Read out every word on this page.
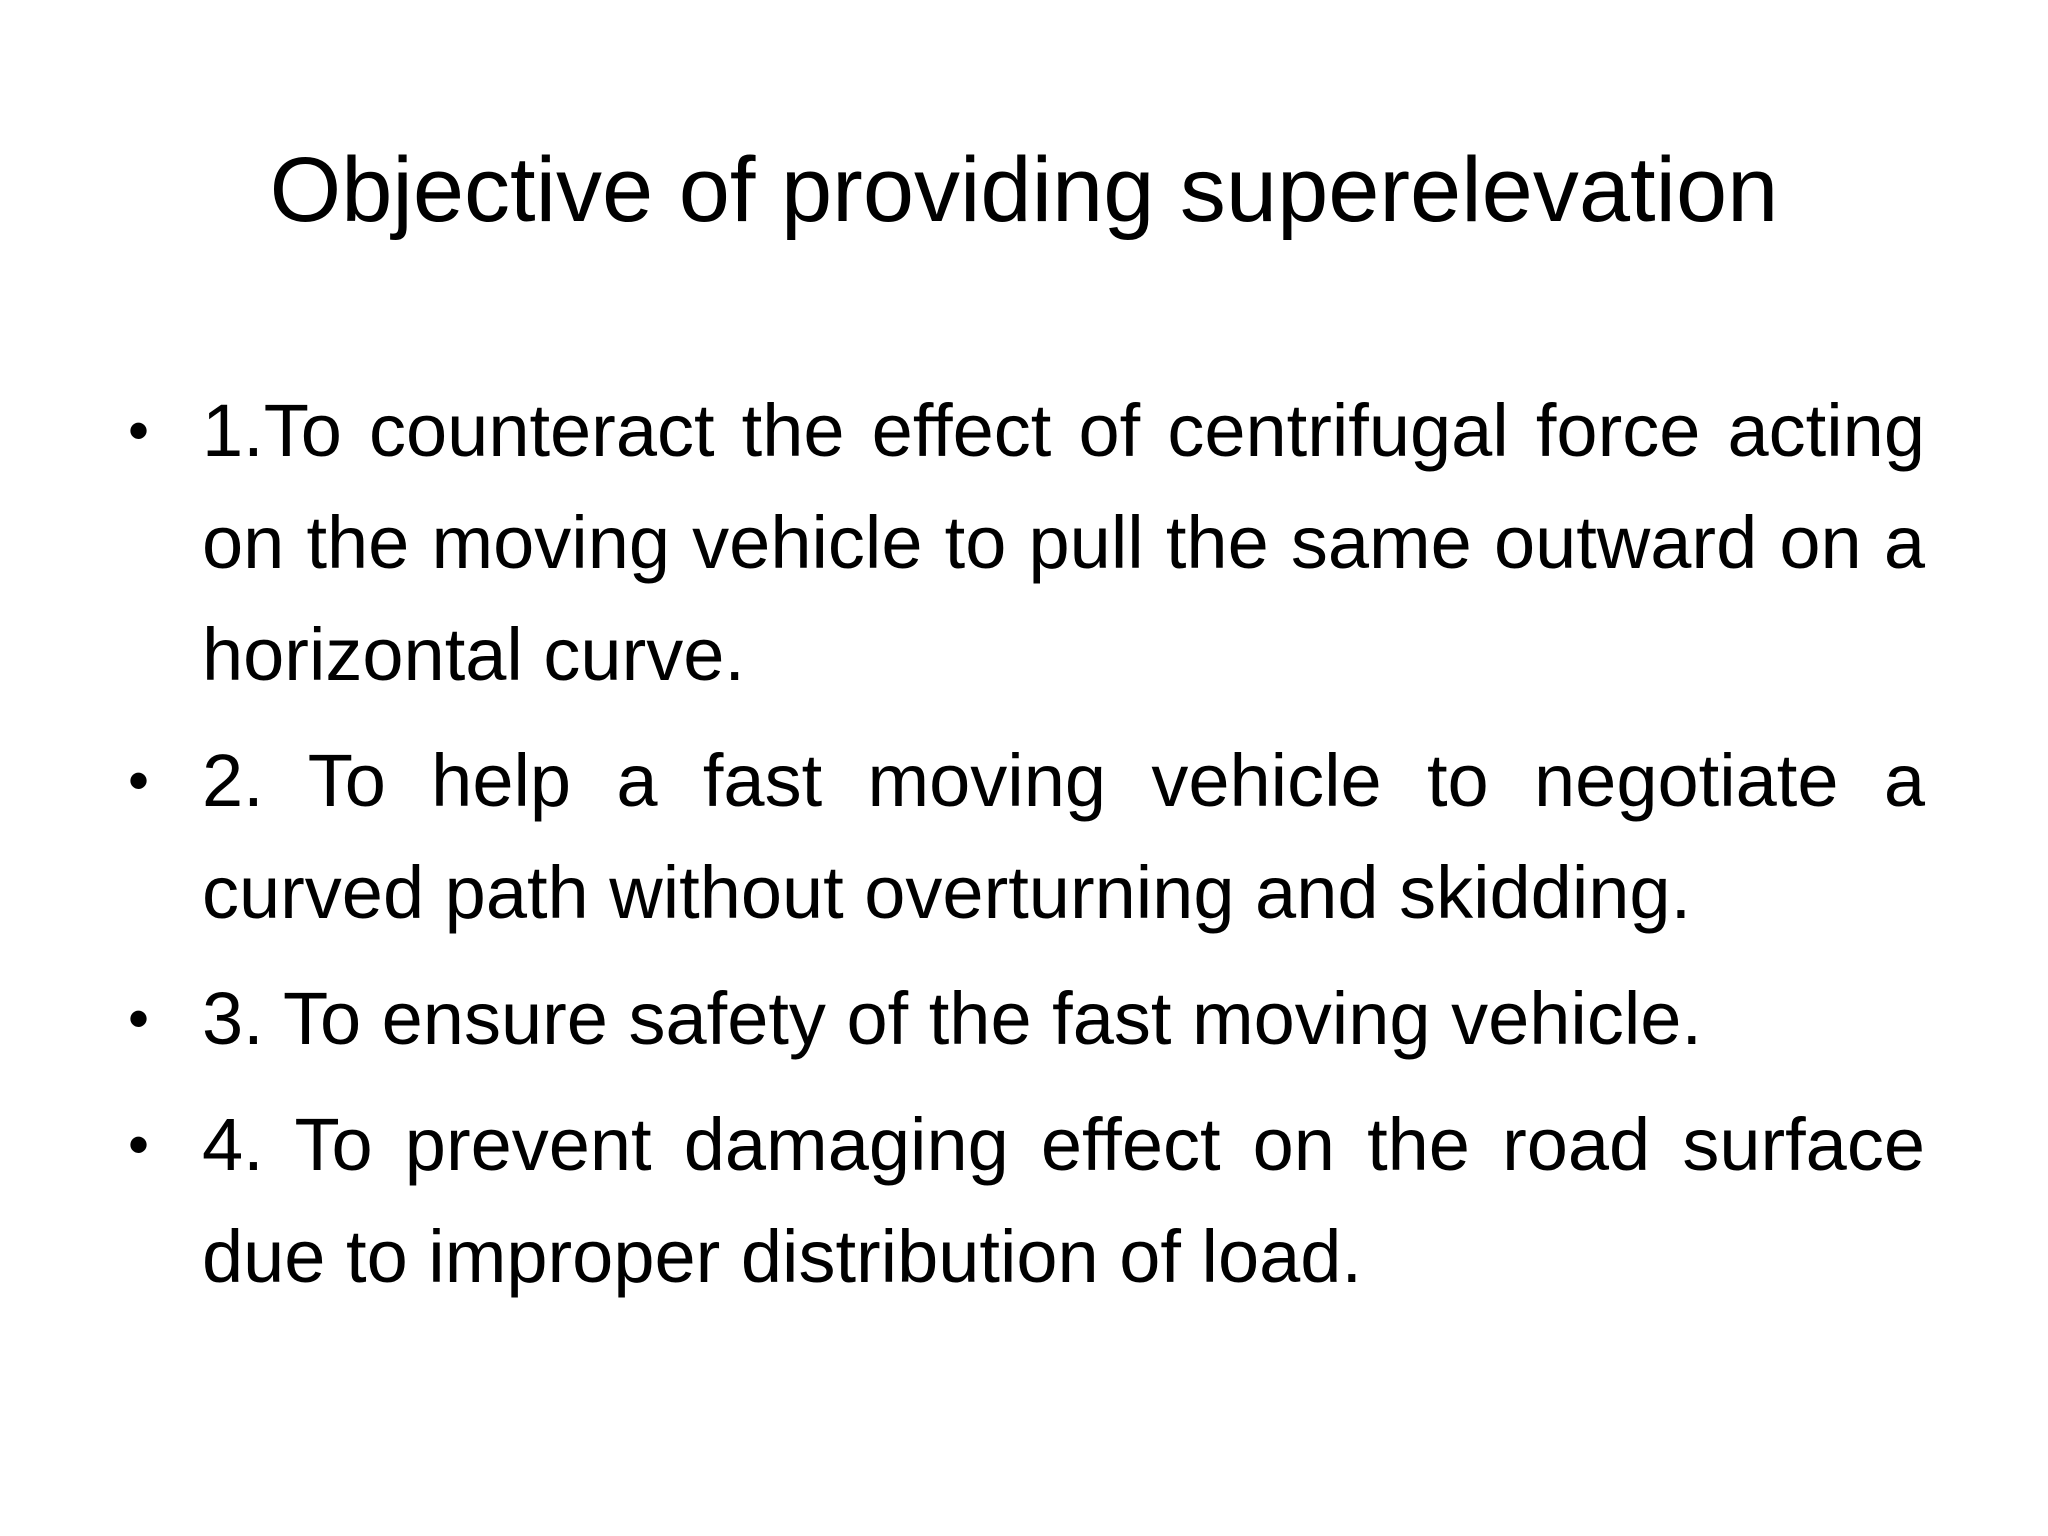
Objective of providing superelevation
• 1.To counteract the effect of centrifugal force acting on the moving vehicle to pull the same outward on a horizontal curve.
• 2. To help a fast moving vehicle to negotiate a curved path without overturning and skidding.
• 3. To ensure safety of the fast moving vehicle.
• 4. To prevent damaging effect on the road surface due to improper distribution of load.
